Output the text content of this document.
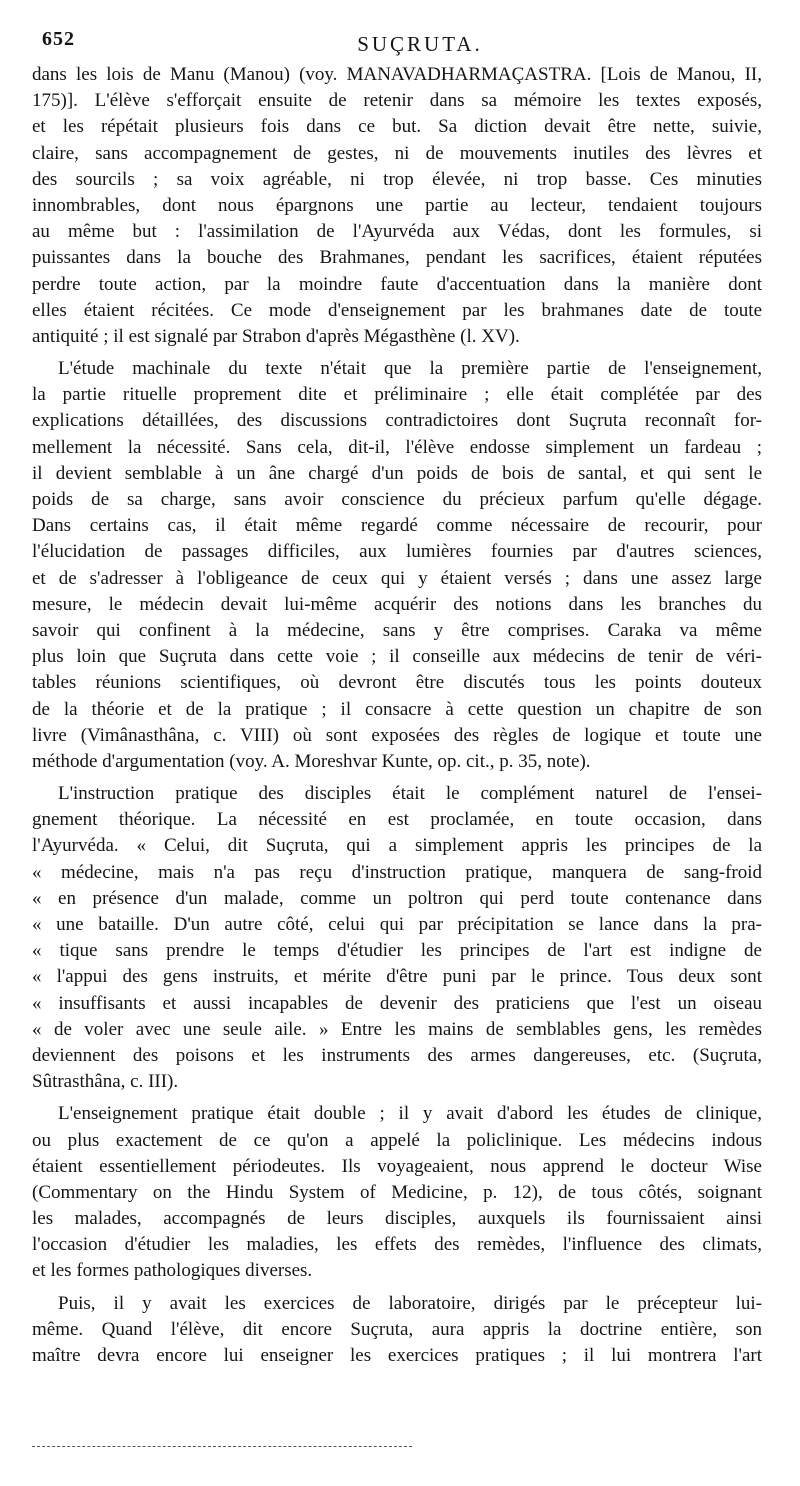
652	SUÇRUTA.
dans les lois de Manu (Manou) (voy. MANAVADHARMAÇASTRA. [Lois de Manou, II,
175)]. L'élève s'efforçait ensuite de retenir dans sa mémoire les textes exposés,
et les répétait plusieurs fois dans ce but. Sa diction devait être nette, suivie,
claire, sans accompagnement de gestes, ni de mouvements inutiles des lèvres et
des sourcils ; sa voix agréable, ni trop élevée, ni trop basse. Ces minuties
innombrables, dont nous épargnons une partie au lecteur, tendaient toujours
au même but : l'assimilation de l'Ayurvéda aux Védas, dont les formules, si
puissantes dans la bouche des Brahmanes, pendant les sacrifices, étaient réputées
perdre toute action, par la moindre faute d'accentuation dans la manière dont
elles étaient récitées. Ce mode d'enseignement par les brahmanes date de toute
antiquité ; il est signalé par Strabon d'après Mégasthène (l. XV).
L'étude machinale du texte n'était que la première partie de l'enseignement,
la partie rituelle proprement dite et préliminaire ; elle était complétée par des
explications détaillées, des discussions contradictoires dont Suçruta reconnaît for-
mellement la nécessité. Sans cela, dit-il, l'élève endosse simplement un fardeau ;
il devient semblable à un âne chargé d'un poids de bois de santal, et qui sent le
poids de sa charge, sans avoir conscience du précieux parfum qu'elle dégage.
Dans certains cas, il était même regardé comme nécessaire de recourir, pour
l'élucidation de passages difficiles, aux lumières fournies par d'autres sciences,
et de s'adresser à l'obligeance de ceux qui y étaient versés ; dans une assez large
mesure, le médecin devait lui-même acquérir des notions dans les branches du
savoir qui confinent à la médecine, sans y être comprises. Caraka va même
plus loin que Suçruta dans cette voie ; il conseille aux médecins de tenir de véri-
tables réunions scientifiques, où devront être discutés tous les points douteux
de la théorie et de la pratique ; il consacre à cette question un chapitre de son
livre (Vimânasthâna, c. VIII) où sont exposées des règles de logique et toute une
méthode d'argumentation (voy. A. Moreshvar Kunte, op. cit., p. 35, note).
L'instruction pratique des disciples était le complément naturel de l'ensei-
gnement théorique. La nécessité en est proclamée, en toute occasion, dans
l'Ayurvéda. « Celui, dit Suçruta, qui a simplement appris les principes de la
« médecine, mais n'a pas reçu d'instruction pratique, manquera de sang-froid
« en présence d'un malade, comme un poltron qui perd toute contenance dans
« une bataille. D'un autre côté, celui qui par précipitation se lance dans la pra-
« tique sans prendre le temps d'étudier les principes de l'art est indigne de
« l'appui des gens instruits, et mérite d'être puni par le prince. Tous deux sont
« insuffisants et aussi incapables de devenir des praticiens que l'est un oiseau
« de voler avec une seule aile. » Entre les mains de semblables gens, les remèdes
deviennent des poisons et les instruments des armes dangereuses, etc. (Suçruta,
Sûtrasthâna, c. III).
L'enseignement pratique était double ; il y avait d'abord les études de clinique,
ou plus exactement de ce qu'on a appelé la policlinique. Les médecins indous
étaient essentiellement périodeutes. Ils voyageaient, nous apprend le docteur Wise
(Commentary on the Hindu System of Medicine, p. 12), de tous côtés, soignant
les malades, accompagnés de leurs disciples, auxquels ils fournissaient ainsi
l'occasion d'étudier les maladies, les effets des remèdes, l'influence des climats,
et les formes pathologiques diverses.
Puis, il y avait les exercices de laboratoire, dirigés par le précepteur lui-
même. Quand l'élève, dit encore Suçruta, aura appris la doctrine entière, son
maître devra encore lui enseigner les exercices pratiques ; il lui montrera l'art
